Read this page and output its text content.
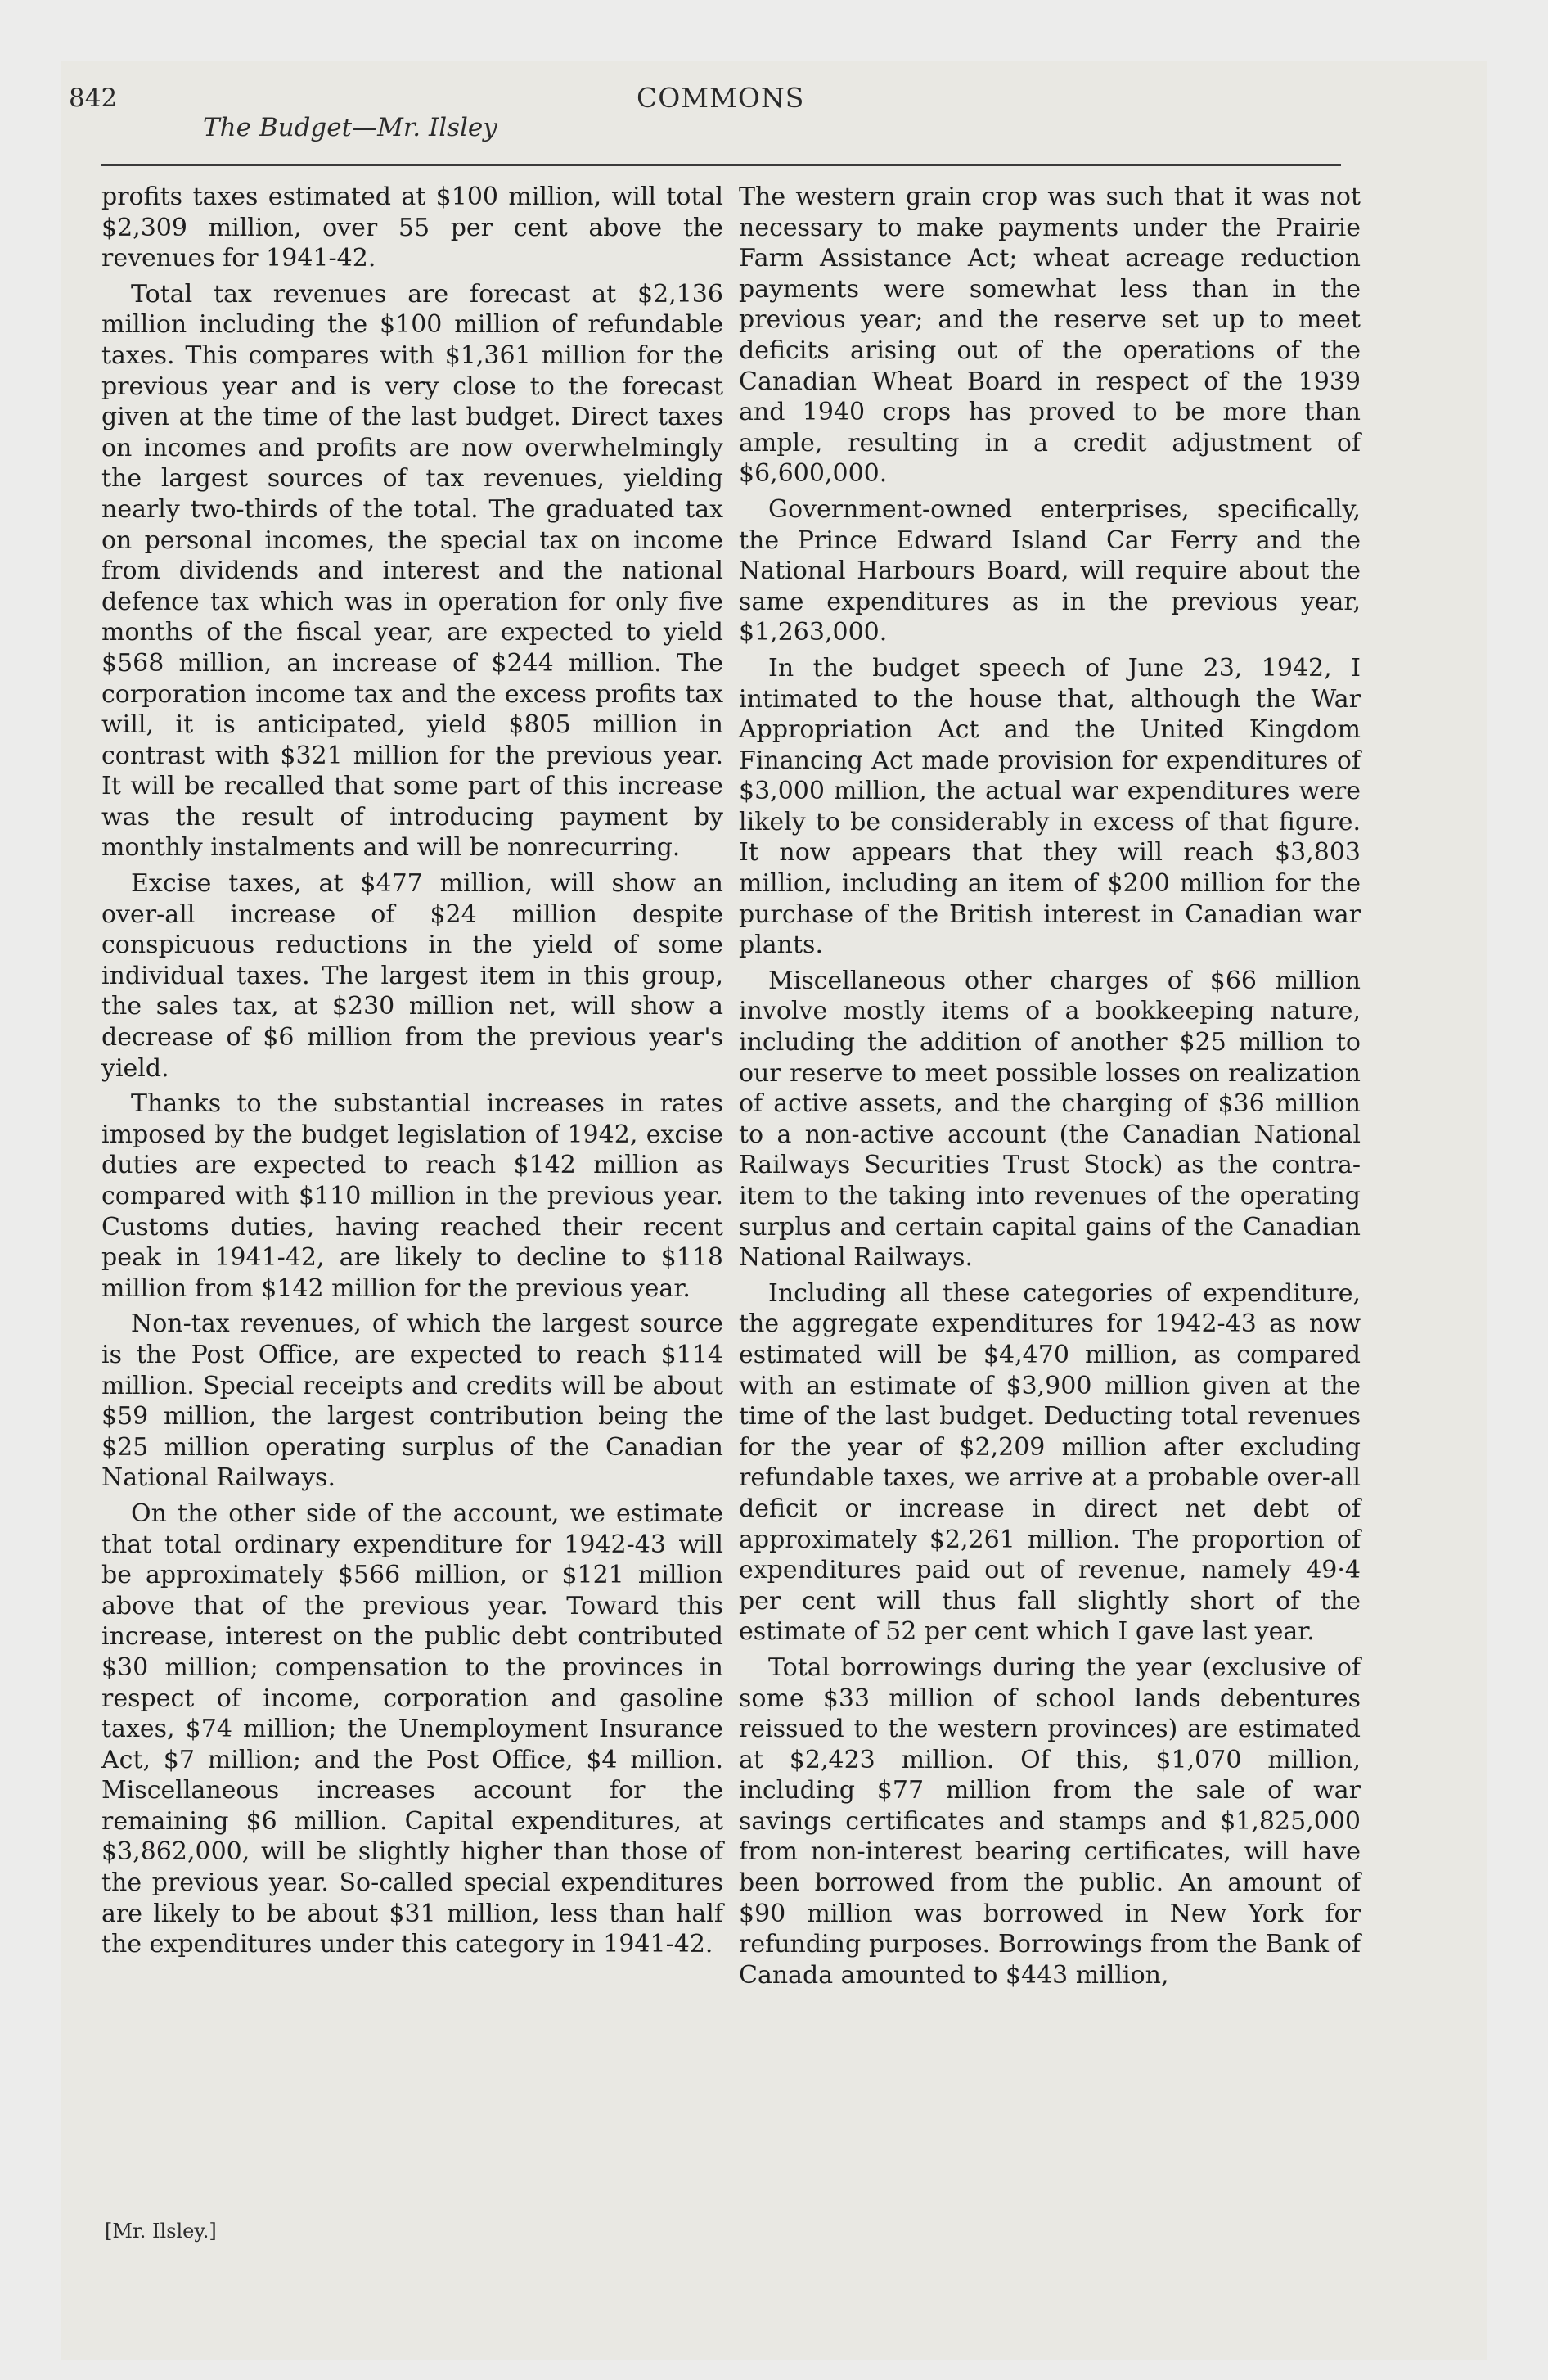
842
The Budget—Mr. Ilsley
COMMONS

profits taxes estimated at $100 million, will total $2,309 million, over 55 per cent above the revenues for 1941-42.

Total tax revenues are forecast at $2,136 million including the $100 million of refundable taxes. This compares with $1,361 million for the previous year and is very close to the forecast given at the time of the last budget. Direct taxes on incomes and profits are now overwhelmingly the largest sources of tax revenues, yielding nearly two-thirds of the total. The graduated tax on personal incomes, the special tax on income from dividends and interest and the national defence tax which was in operation for only five months of the fiscal year, are expected to yield $568 million, an increase of $244 million. The corporation income tax and the excess profits tax will, it is anticipated, yield $805 million in contrast with $321 million for the previous year. It will be recalled that some part of this increase was the result of introducing payment by monthly instalments and will be nonrecurring.

Excise taxes, at $477 million, will show an over-all increase of $24 million despite conspicuous reductions in the yield of some individual taxes. The largest item in this group, the sales tax, at $230 million net, will show a decrease of $6 million from the previous year's yield.

Thanks to the substantial increases in rates imposed by the budget legislation of 1942, excise duties are expected to reach $142 million as compared with $110 million in the previous year. Customs duties, having reached their recent peak in 1941-42, are likely to decline to $118 million from $142 million for the previous year.

Non-tax revenues, of which the largest source is the Post Office, are expected to reach $114 million. Special receipts and credits will be about $59 million, the largest contribution being the $25 million operating surplus of the Canadian National Railways.

On the other side of the account, we estimate that total ordinary expenditure for 1942-43 will be approximately $566 million, or $121 million above that of the previous year. Toward this increase, interest on the public debt contributed $30 million; compensation to the provinces in respect of income, corporation and gasoline taxes, $74 million; the Unemployment Insurance Act, $7 million; and the Post Office, $4 million. Miscellaneous increases account for the remaining $6 million. Capital expenditures, at $3,862,000, will be slightly higher than those of the previous year. So-called special expenditures are likely to be about $31 million, less than half the expenditures under this category in 1941-42.

The western grain crop was such that it was not necessary to make payments under the Prairie Farm Assistance Act; wheat acreage reduction payments were somewhat less than in the previous year; and the reserve set up to meet deficits arising out of the operations of the Canadian Wheat Board in respect of the 1939 and 1940 crops has proved to be more than ample, resulting in a credit adjustment of $6,600,000.

Government-owned enterprises, specifically, the Prince Edward Island Car Ferry and the National Harbours Board, will require about the same expenditures as in the previous year, $1,263,000.

In the budget speech of June 23, 1942, I intimated to the house that, although the War Appropriation Act and the United Kingdom Financing Act made provision for expenditures of $3,000 million, the actual war expenditures were likely to be considerably in excess of that figure. It now appears that they will reach $3,803 million, including an item of $200 million for the purchase of the British interest in Canadian war plants.

Miscellaneous other charges of $66 million involve mostly items of a bookkeeping nature, including the addition of another $25 million to our reserve to meet possible losses on realization of active assets, and the charging of $36 million to a non-active account (the Canadian National Railways Securities Trust Stock) as the contra-item to the taking into revenues of the operating surplus and certain capital gains of the Canadian National Railways.

Including all these categories of expenditure, the aggregate expenditures for 1942-43 as now estimated will be $4,470 million, as compared with an estimate of $3,900 million given at the time of the last budget. Deducting total revenues for the year of $2,209 million after excluding refundable taxes, we arrive at a probable over-all deficit or increase in direct net debt of approximately $2,261 million. The proportion of expenditures paid out of revenue, namely 49·4 per cent will thus fall slightly short of the estimate of 52 per cent which I gave last year.

Total borrowings during the year (exclusive of some $33 million of school lands debentures reissued to the western provinces) are estimated at $2,423 million. Of this, $1,070 million, including $77 million from the sale of war savings certificates and stamps and $1,825,000 from non-interest bearing certificates, will have been borrowed from the public. An amount of $90 million was borrowed in New York for refunding purposes. Borrowings from the Bank of Canada amounted to $443 million,

[Mr. Ilsley.]
